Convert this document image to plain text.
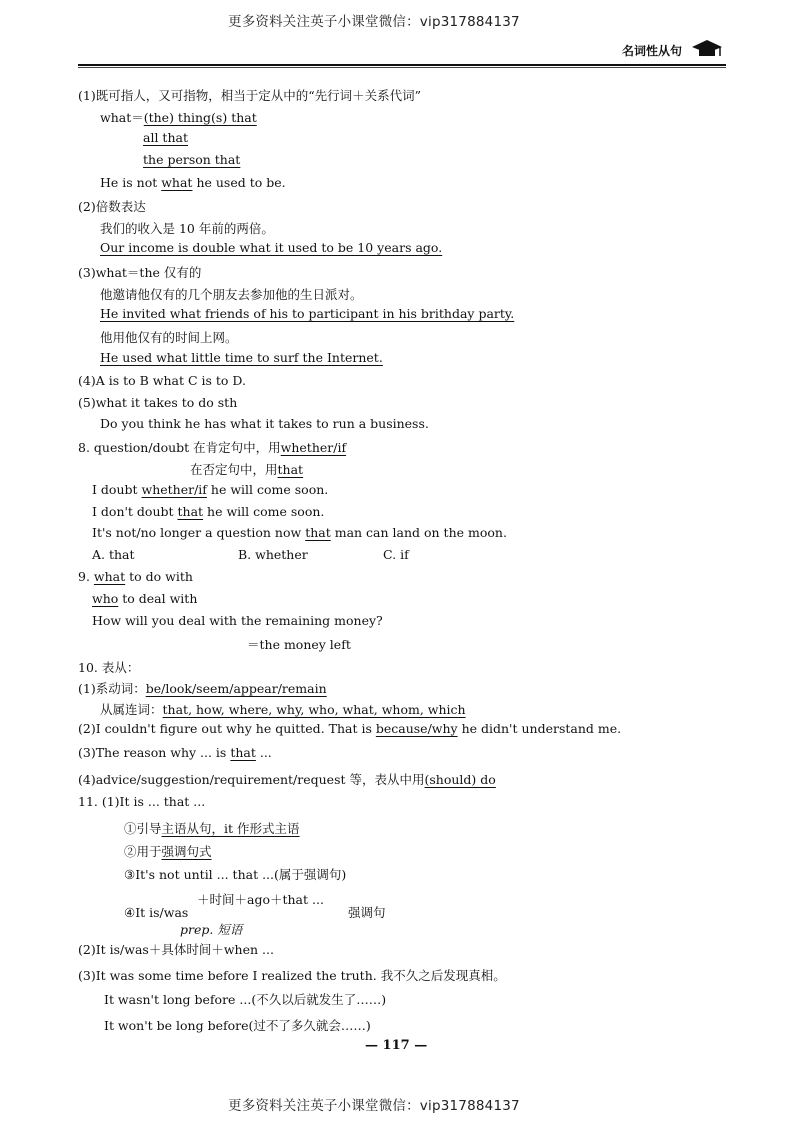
更多资料关注英子小课堂微信：vip317884137
名词性从句
(1)既可指人，又可指物，相当于定从中的“先行词＋关系代词”
what＝(the) thing(s) that
all that
the person that
He is not what he used to be.
(2)倍数表达
我们的收入是 10 年前的两倍。
Our income is double what it used to be 10 years ago.
(3)what＝the 仅有的
他邀请他仅有的几个朋友去参加他的生日派对。
He invited what friends of his to participant in his brithday party.
他用他仅有的时间上网。
He used what little time to surf the Internet.
(4)A is to B what C is to D.
(5)what it takes to do sth
Do you think he has what it takes to run a business.
8. question/doubt 在肯定句中，用whether/if
在否定句中，用that
I doubt whether/if he will come soon.
I don't doubt that he will come soon.
It's not/no longer a question now that man can land on the moon.
A. that	B. whether	C. if
9. what to do with
who to deal with
How will you deal with the remaining money?
＝the money left
10. 表从：
(1)系动词：be/look/seem/appear/remain
从属连词：that, how, where, why, who, what, whom, which
(2)I couldn't figure out why he quitted. That is because/why he didn't understand me.
(3)The reason why ... is that ...
(4)advice/suggestion/requirement/request 等，表从中用(should) do
11. (1)It is ... that ...
①引导主语从句，it 作形式主语
②用于强调句式
③It's not until ... that ...(属于强调句)
＋时间＋ago＋that ...
④It is/was
prep. 短语
强调句
(2)It is/was＋具体时间＋when ...
(3)It was some time before I realized the truth. 我不久之后发现真相。
It wasn't long before ...(不久以后就发生了……)
It won't be long before(过不了多久就会……)
— 117 —
更多资料关注英子小课堂微信：vip317884137
